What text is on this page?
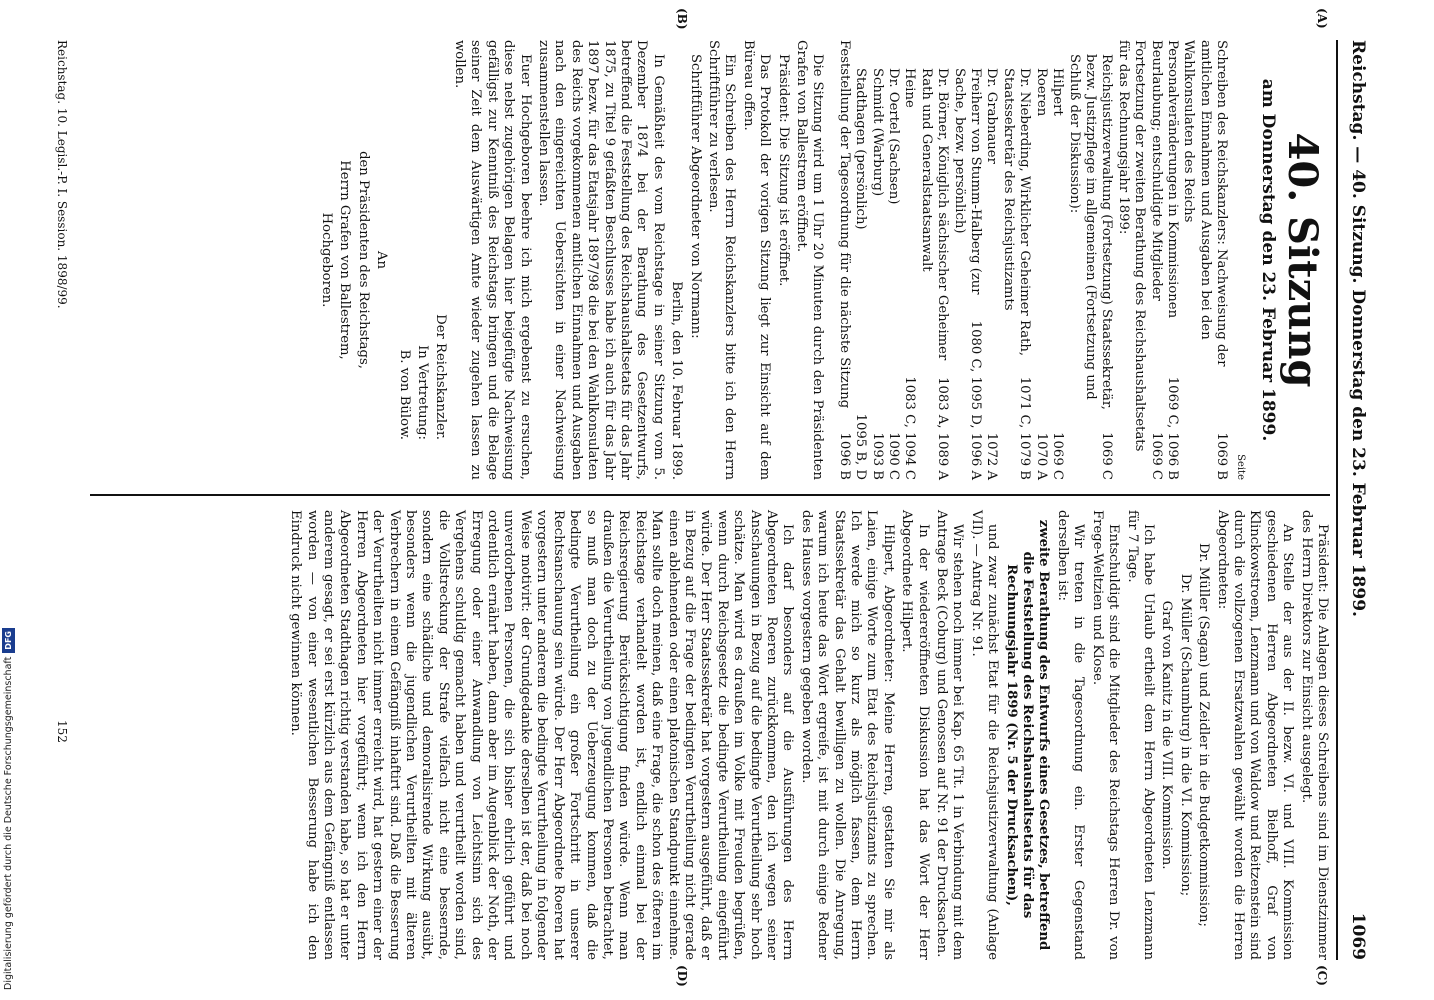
Reichstag. — 40. Sitzung. Donnerstag den 23. Februar 1899.
1069
(A)
(B)
(C)
(D)
40. Sitzung
am Donnerstag den 23. Februar 1899.
Seite
Schreiben des Reichskanzlers: Nachweisung der amtlichen Einnahmen und Ausgaben bei den Wahlkonsulaten des Reichs
1069 B
Personalveränderungen in Kommissionen
1069 C, 1096 B
Beurlaubung; entschuldigte Mitglieder
1069 C
Fortsetzung der zweiten Berathung des Reichshaushaltsetats für das Rechnungsjahr 1899:
Reichsjustizverwaltung (Fortsetzung) Staatssekretär, bezw. Justizpflege im allgemeinen (Fortsetzung und Schluß der Diskussion):
1069 C
Hilpert
1069 C
Roeren
1070 A
Dr. Nieberding, Wirklicher Geheimer Rath, Staatssekretär des Reichsjustizamts
1071 C, 1079 B
Dr. Grabnauer
1072 A
Freiherr von Stumm-Halberg (zur Sache, bezw. persönlich)
1080 C, 1095 D, 1096 A
Dr. Börner, Königlich sächsischer Geheimer Rath und Generalstaatsanwalt
1083 A, 1089 A
Heine
1083 C, 1094 C
Dr. Oertel (Sachsen)
1090 C
Schmidt (Warburg)
1093 B
Stadthagen (persönlich)
1095 B, D
Feststellung der Tagesordnung für die nächste Sitzung
1096 B

Die Sitzung wird um 1 Uhr 20 Minuten durch den Präsidenten Grafen von Ballestrem eröffnet.

Präsident: Die Sitzung ist eröffnet.

Das Protokoll der vorigen Sitzung liegt zur Einsicht auf dem Büreau offen.

Ein Schreiben des Herrn Reichskanzlers bitte ich den Herrn Schriftführer zu verlesen.

Schriftführer Abgeordneter von Normann:

Berlin, den 10. Februar 1899.

In Gemäßheit des vom Reichstage in seiner Sitzung vom 5. Dezember 1874 bei der Berathung des Gesetzentwurfs, betreffend die Feststellung des Reichshaushaltsetats für das Jahr 1875, zu Titel 9 gefaßten Beschlusses habe ich auch für das Jahr 1897 bezw. für das Etatsjahr 1897/98 die bei den Wahlkonsulaten des Reichs vorgekommenen amtlichen Einnahmen und Ausgaben nach den eingereichten Uebersichten in einer Nachweisung zusammenstellen lassen.

Euer Hochgeboren beehre ich mich ergebenst zu ersuchen, diese nebst zugehörigen Belagen hier beigefügte Nachweisung gefälligst zur Kenntniß des Reichstags bringen und die Belage seiner Zeit dem Auswärtigen Amte wieder zugehen lassen zu wollen.

Der Reichskanzler.

In Vertretung:

B. von Bülow.

An

den Präsidenten des Reichstags,

Herrn Grafen von Ballestrem,

Hochgeboren.

Präsident: Die Anlagen dieses Schreibens sind im Dienstzimmer des Herrn Direktors zur Einsicht ausgelegt.

An Stelle der aus der II. bezw. VI. und VIII. Kommission geschiedenen Herren Abgeordneten Bielhoff, Graf von Klinckowstroem, Lenzmann und von Waldow und Reitzenstein sind durch die vollzogenen Ersatzwahlen gewählt worden die Herren Abgeordneten:

Dr. Müller (Sagan) und Zeidler in die Budgetkommission;

Dr. Müller (Schaumburg) in die VI. Kommission;

Graf von Kanitz in die VIII. Kommission.

Ich habe Urlaub ertheilt dem Herrn Abgeordneten Lenzmann für 7 Tage.

Entschuldigt sind die Mitglieder des Reichstags Herren Dr. von Frege-Weltzien und Klose.

Wir treten in die Tagesordnung ein. Erster Gegenstand derselben ist:

zweite Berathung des Entwurfs eines Gesetzes, betreffend die Feststellung des Reichshaushaltsetats für das Rechnungsjahr 1899 (Nr. 5 der Drucksachen),

und zwar zunächst Etat für die Reichsjustizverwaltung (Anlage VII). — Antrag Nr. 91.

Wir stehen noch immer bei Kap. 65 Tit. 1 in Verbindung mit dem Antrage Beck (Coburg) und Genossen auf Nr. 91 der Drucksachen.

In der wiedereröffneten Diskussion hat das Wort der Herr Abgeordnete Hilpert.

Hilpert, Abgeordneter: Meine Herren, gestatten Sie mir als Laien, einige Worte zum Etat des Reichsjustizamts zu sprechen. Ich werde mich so kurz als möglich fassen, dem Herrn Staatssekretär das Gehalt bewilligen zu wollen. Die Anregung, warum ich heute das Wort ergreife, ist mit durch einige Redner des Hauses vorgestern gegeben worden.

Ich darf besonders auf die Ausführungen des Herrn Abgeordneten Roeren zurückkommen, den ich wegen seiner Anschauungen in Bezug auf die bedingte Verurtheilung sehr hoch schätze. Man wird es draußen im Volke mit Freuden begrüßen, wenn durch Reichsgesetz die bedingte Verurtheilung eingeführt würde. Der Herr Staatssekretär hat vorgestern ausgeführt, daß er in Bezug auf die Frage der bedingten Verurtheilung nicht gerade einen ablehnenden oder einen platonischen Standpunkt einnehme. Man sollte doch meinen, daß eine Frage, die schon des öfteren im Reichstage verhandelt worden ist, endlich einmal bei der Reichsregierung Berücksichtigung finden würde. Wenn man draußen die Verurtheilung von jugendlichen Personen betrachtet, so muß man doch zu der Ueberzeugung kommen, daß die bedingte Verurtheilung ein großer Fortschritt in unserer Rechtsanschauung sein würde. Der Herr Abgeordnete Roeren hat vorgestern unter anderem die bedingte Verurtheilung in folgender Weise motivirt: der Grundgedanke derselben ist der, daß bei noch unverdorbenen Personen, die sich bisher ehrlich geführt und ordentlich ernährt haben, dann aber im Augenblick der Noth, der Erregung oder einer Anwandlung von Leichtsinn sich des Vergehens schuldig gemacht haben und verurtheilt worden sind, die Vollstreckung der Strafe vielfach nicht eine bessernde, sondern eine schädliche und demoralisirende Wirkung ausübt, besonders wenn die jugendlichen Verurtheilten mit älteren Verbrechern in einem Gefängniß inhaftirt sind. Daß die Besserung der Verurtheilten nicht immer erreicht wird, hat gestern einer der Herren Abgeordneten hier vorgeführt; wenn ich den Herrn Abgeordneten Stadthagen richtig verstanden habe, so hat er unter anderem gesagt, er sei erst kürzlich aus dem Gefängniß entlassen worden — von einer wesentlichen Besserung habe ich den Eindruck nicht gewinnen können.

Reichstag. 10. Legisl.-P. I. Session. 1898/99.
152
Digitalisierung gefördert durch die Deutsche Forschungsgemeinschaft
DFG
